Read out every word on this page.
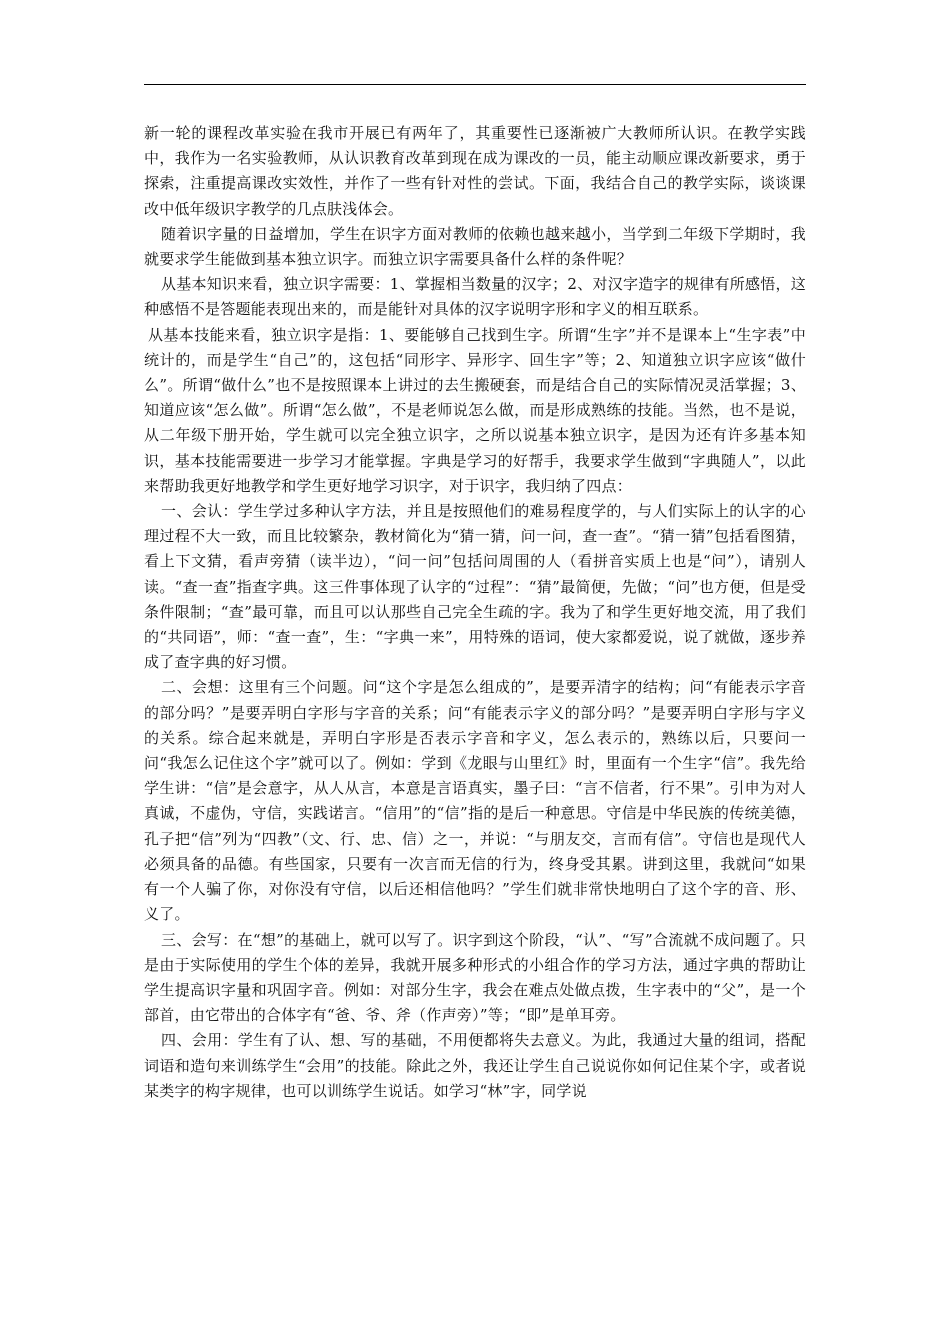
新一轮的课程改革实验在我市开展已有两年了，其重要性已逐渐被广大教师所认识。在教学实践中，我作为一名实验教师，从认识教育改革到现在成为课改的一员，能主动顺应课改新要求，勇于探索，注重提高课改实效性，并作了一些有针对性的尝试。下面，我结合自己的教学实际，谈谈课改中低年级识字教学的几点肤浅体会。

随着识字量的日益增加，学生在识字方面对教师的依赖也越来越小，当学到二年级下学期时，我就要求学生能做到基本独立识字。而独立识字需要具备什么样的条件呢？

从基本知识来看，独立识字需要：1、掌握相当数量的汉字；2、对汉字造字的规律有所感悟，这种感悟不是答题能表现出来的，而是能针对具体的汉字说明字形和字义的相互联系。

从基本技能来看，独立识字是指：1、要能够自己找到生字。所谓“生字”并不是课本上“生字表”中统计的，而是学生“自己”的，这包括“同形字、异形字、回生字”等；2、知道独立识字应该“做什么”。所谓“做什么”也不是按照课本上讲过的去生搬硬套，而是结合自己的实际情况灵活掌握；3、知道应该“怎么做”。所谓“怎么做”，不是老师说怎么做，而是形成熟练的技能。当然，也不是说，从二年级下册开始，学生就可以完全独立识字，之所以说基本独立识字，是因为还有许多基本知识，基本技能需要进一步学习才能掌握。字典是学习的好帮手，我要求学生做到“字典随人”，以此来帮助我更好地教学和学生更好地学习识字，对于识字，我归纳了四点：

一、会认：学生学过多种认字方法，并且是按照他们的难易程度学的，与人们实际上的认字的心理过程不大一致，而且比较繁杂，教材简化为“猜一猜，问一问，查一查”。“猜一猜”包括看图猜，看上下文猜，看声旁猜（读半边），“问一问”包括问周围的人（看拼音实质上也是“问”），请别人读。“查一查”指查字典。这三件事体现了认字的“过程”：“猜”最简便，先做；“问”也方便，但是受条件限制；“查”最可靠，而且可以认那些自己完全生疏的字。我为了和学生更好地交流，用了我们的“共同语”，师：“查一查”，生：“字典一来”，用特殊的语词，使大家都爱说，说了就做，逐步养成了查字典的好习惯。

二、会想：这里有三个问题。问“这个字是怎么组成的”，是要弄清字的结构；问“有能表示字音的部分吗？”是要弄明白字形与字音的关系；问“有能表示字义的部分吗？”是要弄明白字形与字义的关系。综合起来就是，弄明白字形是否表示字音和字义，怎么表示的，熟练以后，只要问一问“我怎么记住这个字”就可以了。例如：学到《龙眼与山里红》时，里面有一个生字“信”。我先给学生讲：“信”是会意字，从人从言，本意是言语真实，墨子曰：“言不信者，行不果”。引申为对人真诚，不虚伪，守信，实践诺言。“信用”的“信”指的是后一种意思。守信是中华民族的传统美德，孔子把“信”列为“四教”（文、行、忠、信）之一，并说：“与朋友交，言而有信”。守信也是现代人必须具备的品德。有些国家，只要有一次言而无信的行为，终身受其累。讲到这里，我就问“如果有一个人骗了你，对你没有守信，以后还相信他吗？”学生们就非常快地明白了这个字的音、形、义了。

三、会写：在“想”的基础上，就可以写了。识字到这个阶段，“认”、“写”合流就不成问题了。只是由于实际使用的学生个体的差异，我就开展多种形式的小组合作的学习方法，通过字典的帮助让学生提高识字量和巩固字音。例如：对部分生字，我会在难点处做点拨，生字表中的“父”，是一个部首，由它带出的合体字有“爸、爷、斧（作声旁）”等；“即”是单耳旁。

四、会用：学生有了认、想、写的基础，不用便都将失去意义。为此，我通过大量的组词，搭配词语和造句来训练学生“会用”的技能。除此之外，我还让学生自己说说你如何记住某个字，或者说某类字的构字规律，也可以训练学生说话。如学习“林”字，同学说
